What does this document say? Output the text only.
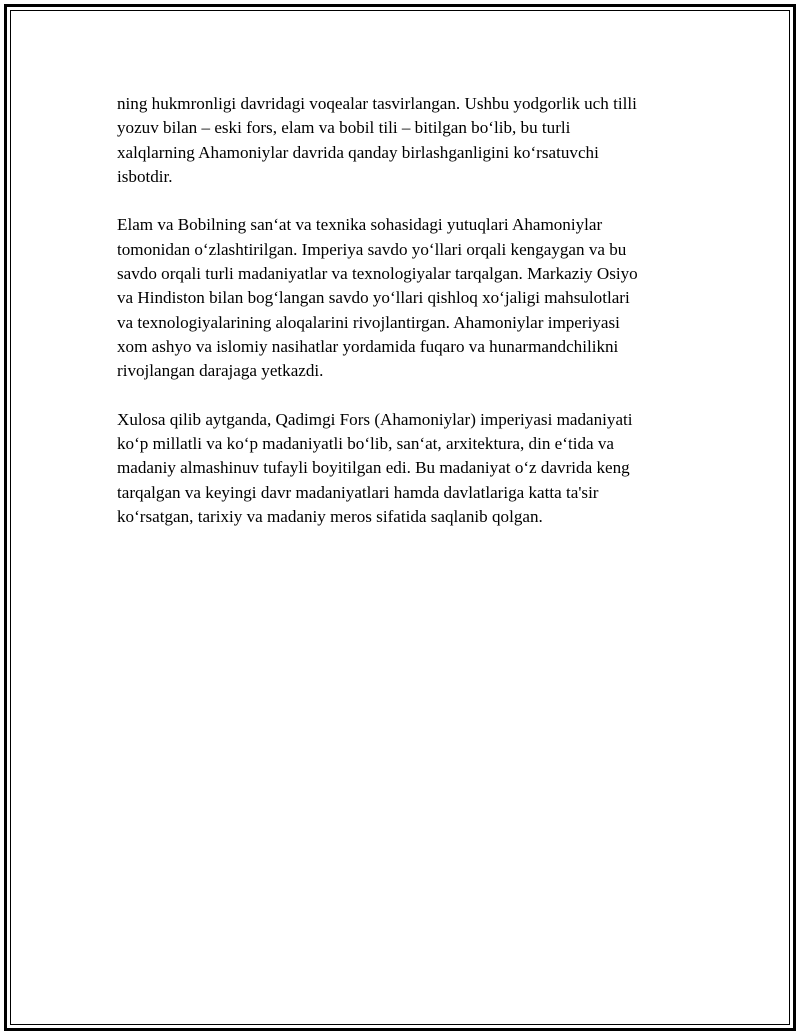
ning hukmronligi davridagi voqealar tasvirlangan. Ushbu yodgorlik uch tilli
yozuv bilan – eski fors, elam va bobil tili – bitilgan boʻlib, bu turli
xalqlarning Ahamoniylar davrida qanday birlashganligini koʻrsatuvchi
isbotdir.

Elam va Bobilning sanʻat va texnika sohasidagi yutuqlari Ahamoniylar
tomonidan oʻzlashtirilgan. Imperiya savdo yoʻllari orqali kengaygan va bu
savdo orqali turli madaniyatlar va texnologiyalar tarqalgan. Markaziy Osiyo
va Hindiston bilan bogʻlangan savdo yoʻllari qishloq xoʻjaligi mahsulotlari
va texnologiyalarining aloqalarini rivojlantirgan. Ahamoniylar imperiyasi
xom ashyo va islomiy nasihatlar yordamida fuqaro va hunarmandchilikni
rivojlangan darajaga yetkazdi.

Xulosa qilib aytganda, Qadimgi Fors (Ahamoniylar) imperiyasi madaniyati
koʻp millatli va koʻp madaniyatli boʻlib, sanʻat, arxitektura, din eʻtida va
madaniy almashinuv tufayli boyitilgan edi. Bu madaniyat oʻz davrida keng
tarqalgan va keyingi davr madaniyatlari hamda davlatlariga katta ta'sir
koʻrsatgan, tarixiy va madaniy meros sifatida saqlanib qolgan.
